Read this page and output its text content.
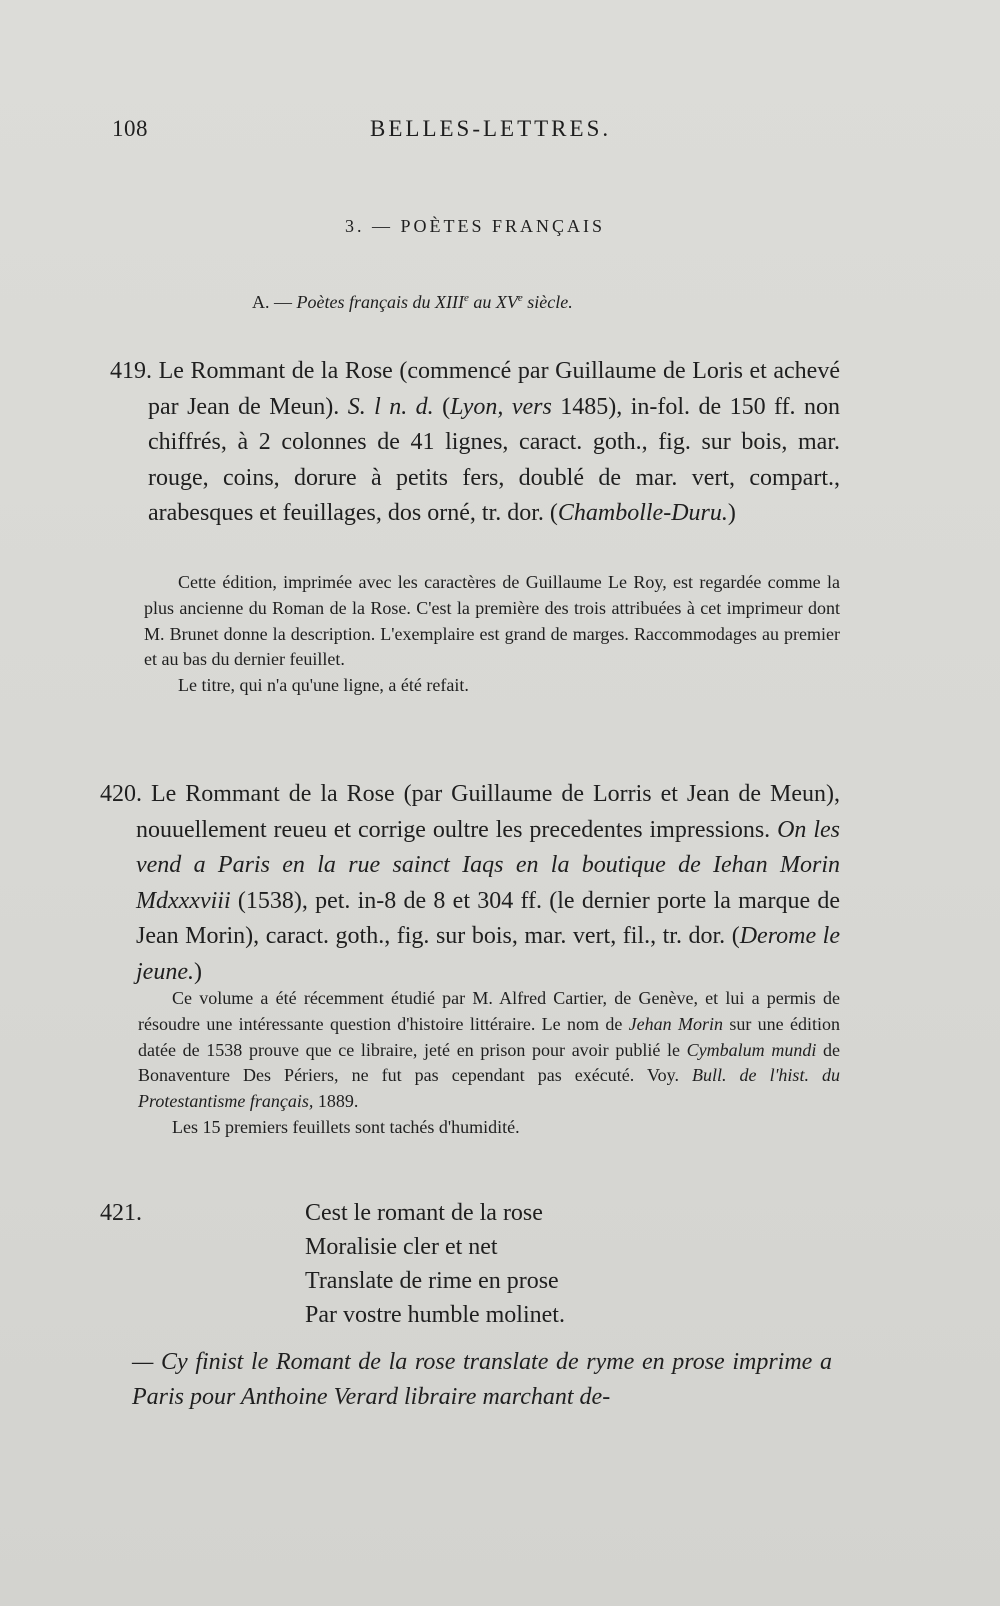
108	BELLES-LETTRES.
3. — POÈTES FRANÇAIS
A. — Poètes français du XIIIe au XVe siècle.
419. Le Rommant de la Rose (commencé par Guillaume de Loris et achevé par Jean de Meun). S. l n. d. (Lyon, vers 1485), in-fol. de 150 ff. non chiffrés, à 2 colonnes de 41 lignes, caract. goth., fig. sur bois, mar. rouge, coins, dorure à petits fers, doublé de mar. vert, compart., arabesques et feuillages, dos orné, tr. dor. (Chambolle-Duru.)
Cette édition, imprimée avec les caractères de Guillaume Le Roy, est regardée comme la plus ancienne du Roman de la Rose. C'est la première des trois attribuées à cet imprimeur dont M. Brunet donne la description. L'exemplaire est grand de marges. Raccommodages au premier et au bas du dernier feuillet.
Le titre, qui n'a qu'une ligne, a été refait.
420. Le Rommant de la Rose (par Guillaume de Lorris et Jean de Meun), nouuellement reueu et corrige oultre les precedentes impressions. On les vend a Paris en la rue sainct Iaqs en la boutique de Iehan Morin Mdxxxviii (1538), pet. in-8 de 8 et 304 ff. (le dernier porte la marque de Jean Morin), caract. goth., fig. sur bois, mar. vert, fil., tr. dor. (Derome le jeune.)
Ce volume a été récemment étudié par M. Alfred Cartier, de Genève, et lui a permis de résoudre une intéressante question d'histoire littéraire. Le nom de Jehan Morin sur une édition datée de 1538 prouve que ce libraire, jeté en prison pour avoir publié le Cymbalum mundi de Bonaventure Des Périers, ne fut pas cependant pas exécuté. Voy. Bull. de l'hist. du Protestantisme français, 1889.
Les 15 premiers feuillets sont tachés d'humidité.
421.	Cest le romant de la rose
Moralisie cler et net
Translate de rime en prose
Par vostre humble molinet.
— Cy finist le Romant de la rose translate de ryme en prose imprime a Paris pour Anthoine Verard libraire marchant de-
